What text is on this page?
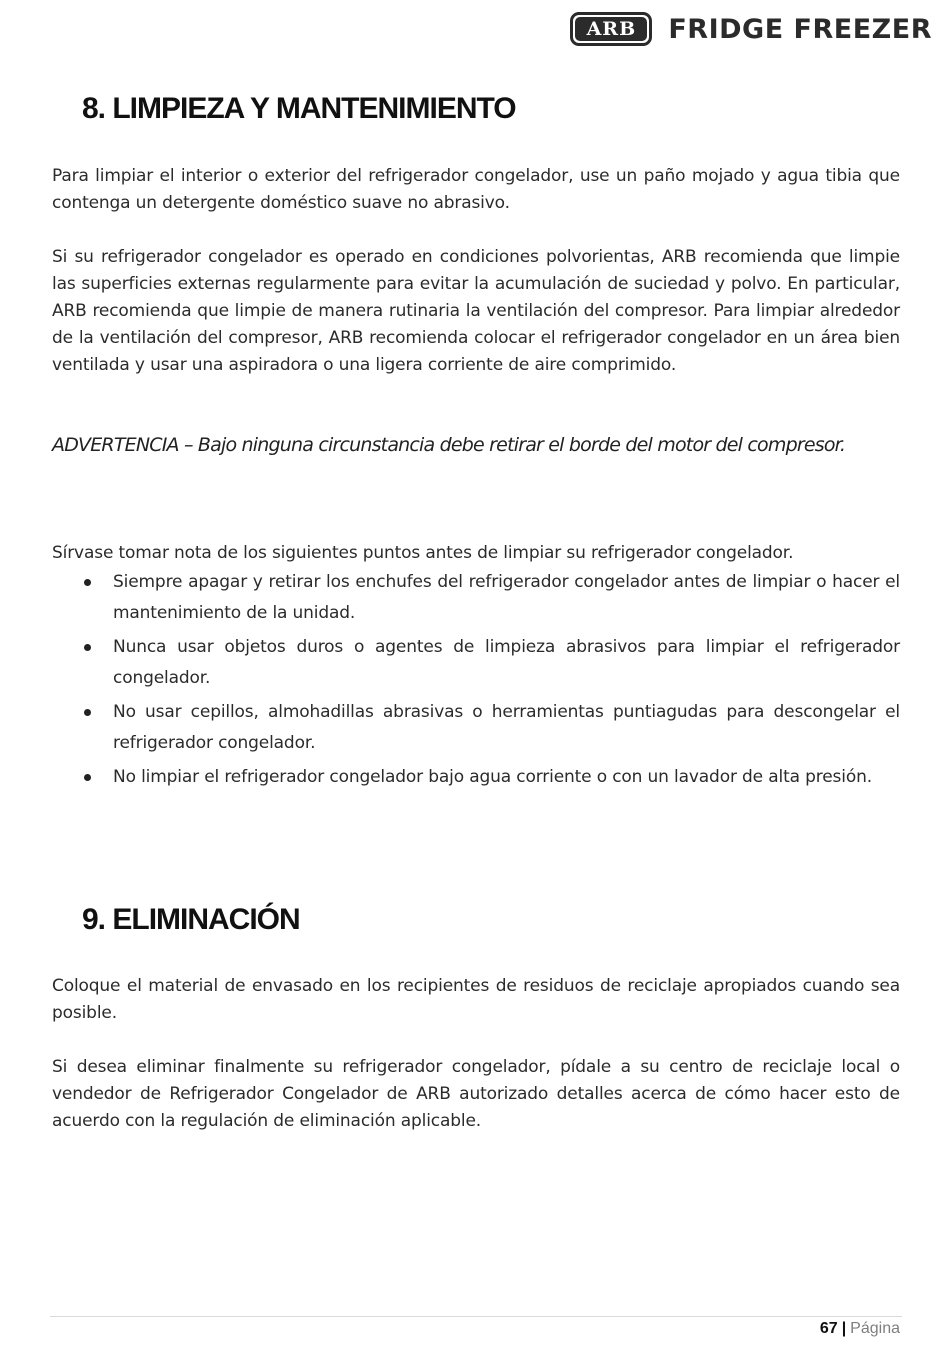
ARB	FRIDGE FREEZER
8. LIMPIEZA Y MANTENIMIENTO

Para limpiar el interior o exterior del refrigerador congelador, use un paño mojado y agua tibia que contenga un detergente doméstico suave no abrasivo.

Si su refrigerador congelador es operado en condiciones polvorientas, ARB recomienda que limpie las superficies externas regularmente para evitar la acumulación de suciedad y polvo. En particular, ARB recomienda que limpie de manera rutinaria la ventilación del compresor. Para limpiar alrededor de la ventilación del compresor, ARB recomienda colocar el refrigerador congelador en un área bien ventilada y usar una aspiradora o una ligera corriente de aire comprimido.

ADVERTENCIA – Bajo ninguna circunstancia debe retirar el borde del motor del compresor.

Sírvase tomar nota de los siguientes puntos antes de limpiar su refrigerador congelador.

Siempre apagar y retirar los enchufes del refrigerador congelador antes de limpiar o hacer el mantenimiento de la unidad.
Nunca usar objetos duros o agentes de limpieza abrasivos para limpiar el refrigerador congelador.
No usar cepillos, almohadillas abrasivas o herramientas puntiagudas para descongelar el refrigerador congelador.
No limpiar el refrigerador congelador bajo agua corriente o con un lavador de alta presión.
9. ELIMINACIÓN

Coloque el material de envasado en los recipientes de residuos de reciclaje apropiados cuando sea posible.

Si desea eliminar finalmente su refrigerador congelador, pídale a su centro de reciclaje local o vendedor de Refrigerador Congelador de ARB autorizado detalles acerca de cómo hacer esto de acuerdo con la regulación de eliminación aplicable.

67 | Página
